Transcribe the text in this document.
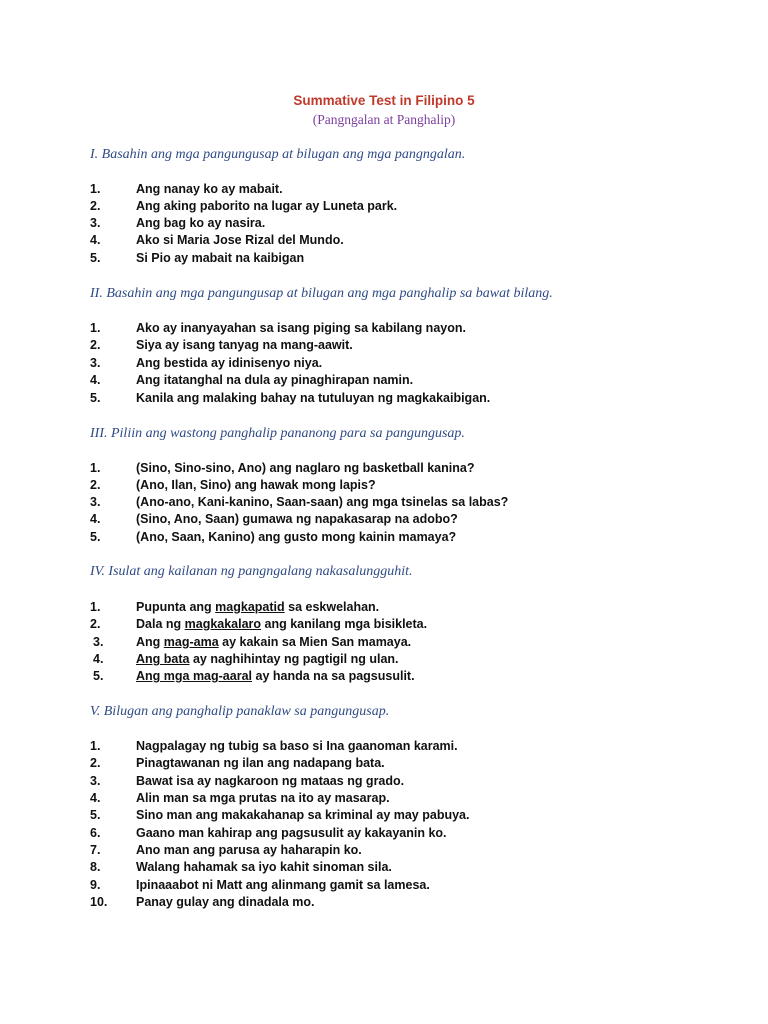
Summative Test in Filipino 5
(Pangngalan at Panghalip)
I. Basahin ang mga pangungusap at bilugan ang mga pangngalan.
1.	Ang nanay ko ay mabait.
2.	Ang aking paborito na lugar ay Luneta park.
3.	Ang bag ko ay nasira.
4.	Ako si Maria Jose Rizal del Mundo.
5.	Si Pio ay mabait na kaibigan
II. Basahin ang mga pangungusap at bilugan ang mga panghalip sa bawat bilang.
1.	Ako ay inanyayahan sa isang piging sa kabilang nayon.
2.	Siya ay isang tanyag na mang-aawit.
3.	Ang bestida ay idinisenyo niya.
4.	Ang itatanghal na dula ay pinaghirapan namin.
5.	Kanila ang malaking bahay na tutuluyan ng magkakaibigan.
III. Piliin ang wastong panghalip pananong para sa pangungusap.
1.	(Sino, Sino-sino, Ano) ang naglaro ng basketball kanina?
2.	(Ano, Ilan, Sino) ang hawak mong lapis?
3.	(Ano-ano, Kani-kanino, Saan-saan) ang mga tsinelas sa labas?
4.	(Sino, Ano, Saan) gumawa ng napakasarap na adobo?
5.	(Ano, Saan, Kanino) ang gusto mong kainin mamaya?
IV. Isulat ang kailanan ng pangngalang nakasalungguhit.
1.	Pupunta ang magkapatid sa eskwelahan.
2.	Dala ng magkakalaro ang kanilang mga bisikleta.
3.	Ang mag-ama ay kakain sa Mien San mamaya.
4.	Ang bata ay naghihintay ng pagtigil ng ulan.
5.	Ang mga mag-aaral ay handa na sa pagsusulit.
V. Bilugan ang panghalip panaklaw sa pangungusap.
1.	Nagpalagay ng tubig sa baso si Ina gaanoman karami.
2.	Pinagtawanan ng ilan ang nadapang bata.
3.	Bawat isa ay nagkaroon ng mataas ng grado.
4.	Alin man sa mga prutas na ito ay masarap.
5.	Sino man ang makakahanap sa kriminal ay may pabuya.
6.	Gaano man kahirap ang pagsusulit ay kakayanin ko.
7.	Ano man ang parusa ay haharapin ko.
8.	Walang hahamak sa iyo kahit sinoman sila.
9.	Ipinaaabot ni Matt ang alinmang gamit sa lamesa.
10.	Panay gulay ang dinadala mo.
